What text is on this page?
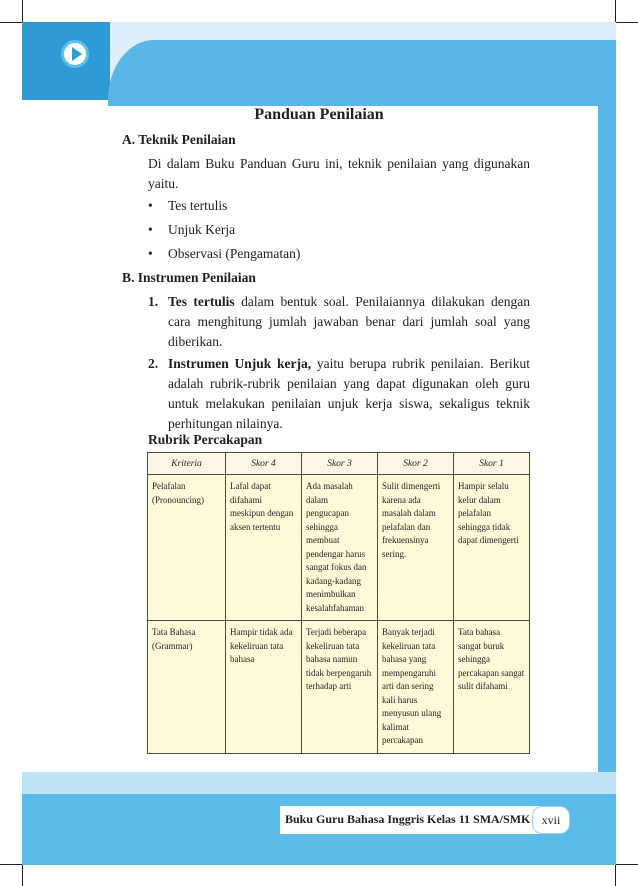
Panduan Penilaian
A. Teknik Penilaian
Di dalam Buku Panduan Guru ini, teknik penilaian yang digunakan yaitu.
• Tes tertulis
• Unjuk Kerja
• Observasi (Pengamatan)
B. Instrumen Penilaian
1. Tes tertulis dalam bentuk soal. Penilaiannya dilakukan dengan cara menghitung jumlah jawaban benar dari jumlah soal yang diberikan.
2. Instrumen Unjuk kerja, yaitu berupa rubrik penilaian. Berikut adalah rubrik-rubrik penilaian yang dapat digunakan oleh guru untuk melakukan penilaian unjuk kerja siswa, sekaligus teknik perhitungan nilainya.
Rubrik Percakapan
Kriteria	Skor 4	Skor 3	Skor 2	Skor 1
Pelafalan (Pronouncing)	Lafal dapat difahami meskipun dengan aksen tertentu	Ada masalah dalam pengucapan sehingga membuat pendengar harus sangat fokus dan kadang-kadang menimbulkan kesalahfahaman	Sulit dimengerti karena ada masalah dalam pelafalan dan frekuensinya sering.	Hampir selalu kelur dalam pelafalan sehingga tidak dapat dimengerti
Tata Bahasa (Grammar)	Hampir tidak ada kekeliruan tata bahasa	Terjadi beberapa kekeliruan tata bahasa namun tidak berpengaruh terhadap arti	Banyak terjadi kekeliruan tata bahasa yang mempengaruhi arti dan sering kali harus menyusun ulang kalimat percakapan	Tata bahasa sangat buruk sehingga percakapan sangat sulit difahami
Buku Guru Bahasa Inggris Kelas 11 SMA/SMK xvii
